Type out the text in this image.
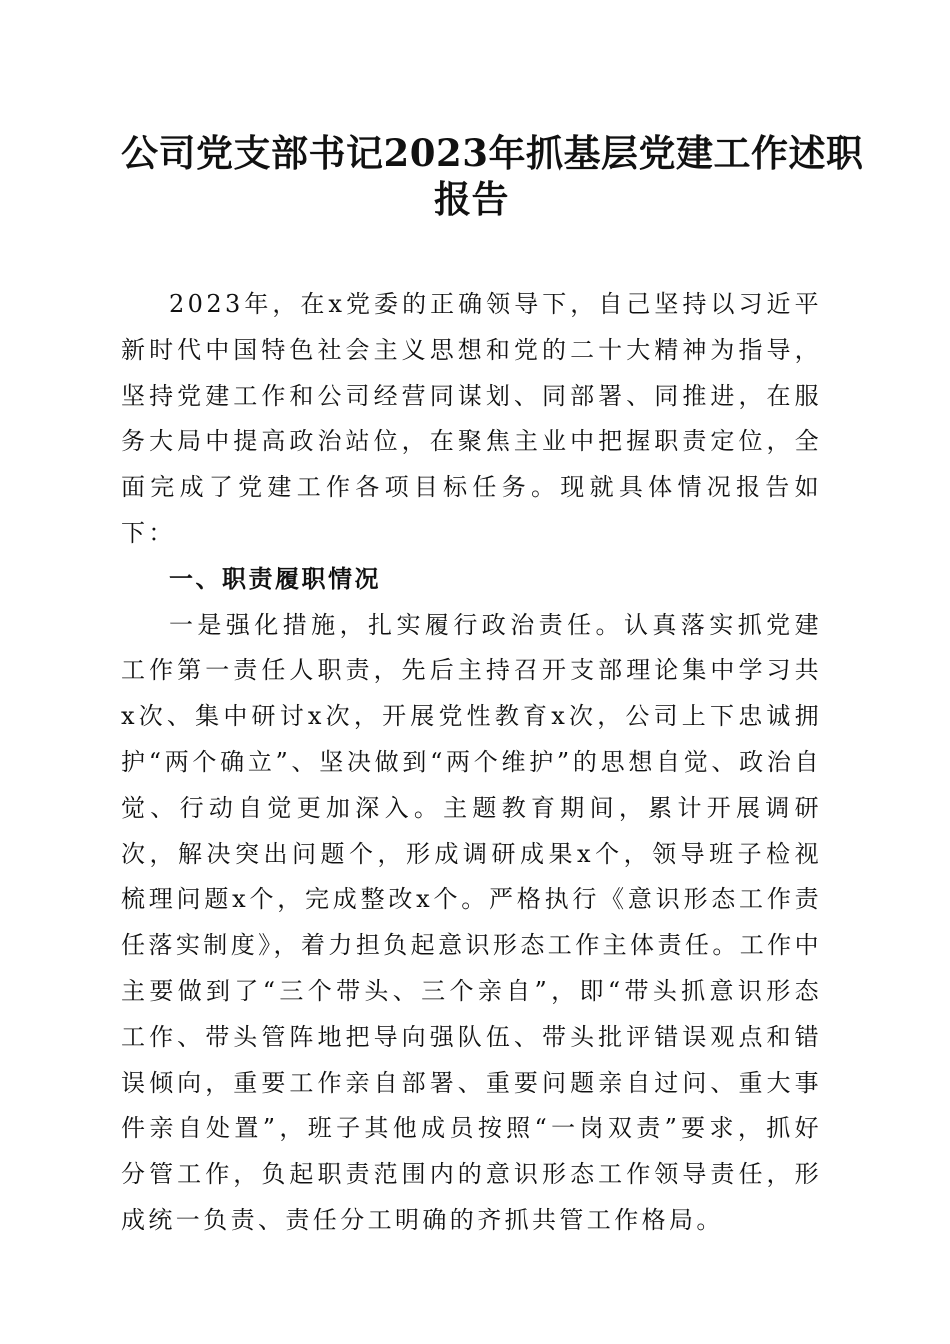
公司党支部书记2023年抓基层党建工作述职
报告

2023年，在x党委的正确领导下，自己坚持以习近平新时代中国特色社会主义思想和党的二十大精神为指导，坚持党建工作和公司经营同谋划、同部署、同推进，在服务大局中提高政治站位，在聚焦主业中把握职责定位，全面完成了党建工作各项目标任务。现就具体情况报告如下：

一、职责履职情况

一是强化措施，扎实履行政治责任。认真落实抓党建工作第一责任人职责，先后主持召开支部理论集中学习共x次、集中研讨x次，开展党性教育x次，公司上下忠诚拥护“两个确立”、坚决做到“两个维护”的思想自觉、政治自觉、行动自觉更加深入。主题教育期间，累计开展调研次，解决突出问题个，形成调研成果x个，领导班子检视梳理问题x个，完成整改x个。严格执行《意识形态工作责任落实制度》，着力担负起意识形态工作主体责任。工作中主要做到了“三个带头、三个亲自”，即“带头抓意识形态工作、带头管阵地把导向强队伍、带头批评错误观点和错误倾向，重要工作亲自部署、重要问题亲自过问、重大事件亲自处置”，班子其他成员按照“一岗双责”要求，抓好分管工作，负起职责范围内的意识形态工作领导责任，形成统一负责、责任分工明确的齐抓共管工作格局。
